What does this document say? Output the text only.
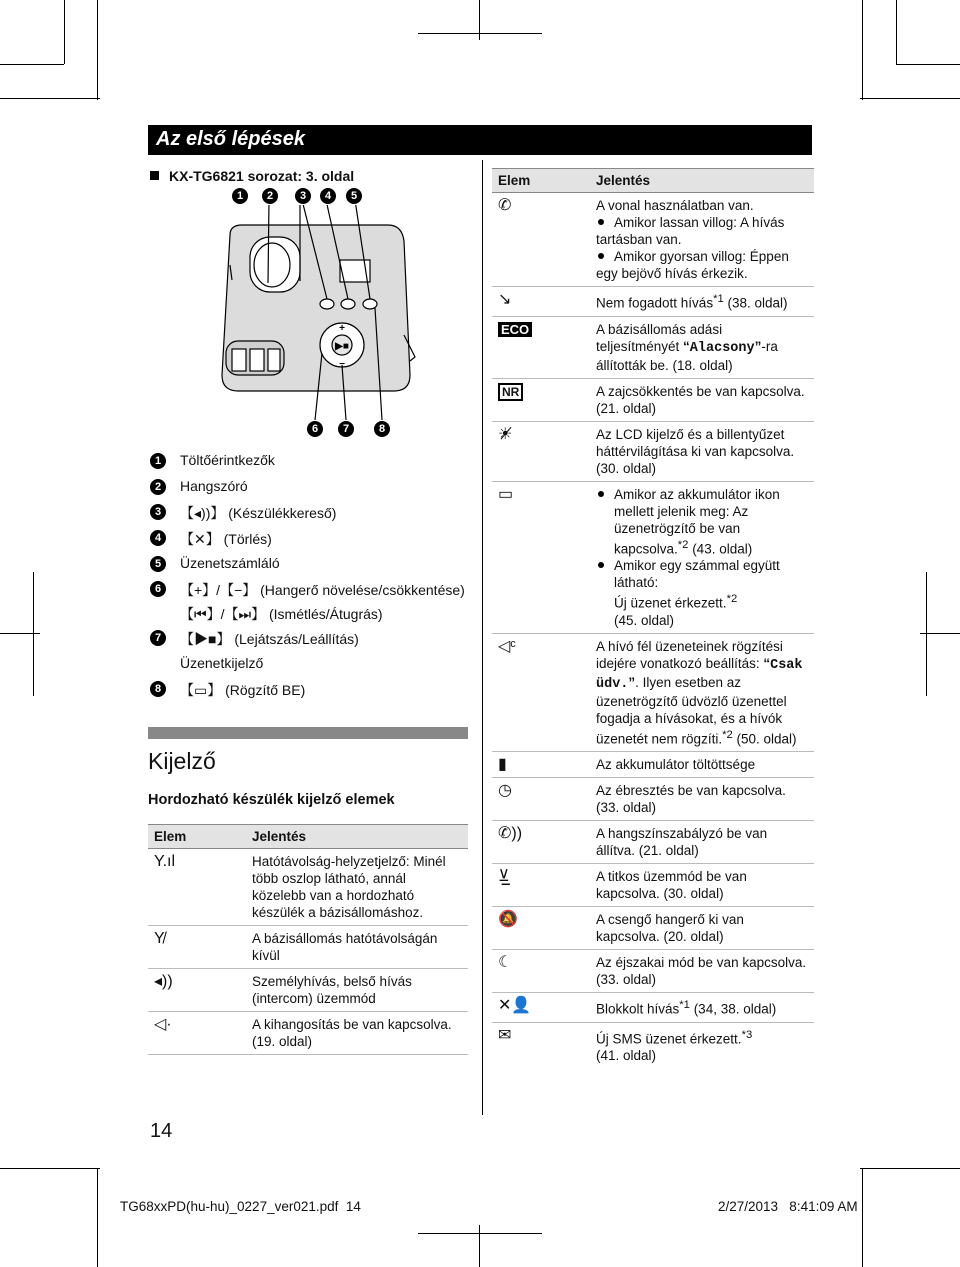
Az első lépések
KX-TG6821 sorozat: 3. oldal
1	2	3	4	5
+
−
▶■
6	7	8
1	Töltőérintkezők
2	Hangszóró
3	【◂))】 (Készülékkereső)
4	【✕】 (Törlés)
5	Üzenetszámláló
6	【+】/【−】 (Hangerő növelése/csökkentése)
【⏮】/【⏭】 (Ismétlés/Átugrás)
7	【▶■】 (Lejátszás/Leállítás)
Üzenetkijelző
8	【▭】 (Rögzítő BE)
Kijelző
Hordozható készülék kijelző elemek
Elem	Jelentés
Y.ıl	Hatótávolság-helyzetjelző: Minél több oszlop látható, annál közelebb van a hordozható készülék a bázisállomáshoz.
Y̸	A bázisállomás hatótávolságán kívül
◂))	Személyhívás, belső hívás (intercom) üzemmód
◁·	A kihangosítás be van kapcsolva. (19. oldal)
Elem	Jelentés
✆	A vonal használatban van.
Amikor lassan villog: A hívás tartásban van.
Amikor gyorsan villog: Éppen egy bejövő hívás érkezik.
↘	Nem fogadott hívás$^{*1}$ (38. oldal)
ECO	A bázisállomás adási teljesítményét “Alacsony”-ra állították be. (18. oldal)
NR	A zajcsökkentés be van kapcsolva. (21. oldal)
☀̸	Az LCD kijelző és a billentyűzet háttérvilágítása ki van kapcsolva. (30. oldal)
▭	Amikor az akkumulátor ikon mellett jelenik meg: Az üzenetrögzítő be van kapcsolva.$^{*2}$ (43. oldal)
Amikor egy számmal együtt látható:
Új üzenet érkezett.$^{*2}$
(45. oldal)

◁ᶜ	A hívó fél üzeneteinek rögzítési idejére vonatkozó beállítás: “Csak üdv.”. Ilyen esetben az üzenetrögzítő üdvözlő üzenettel fogadja a hívásokat, és a hívók üzenetét nem rögzíti.$^{*2}$ (50. oldal)
▮	Az akkumulátor töltöttsége
◷	Az ébresztés be van kapcsolva. (33. oldal)
✆))	A hangszínszabályzó be van állítva. (21. oldal)
⊻̲	A titkos üzemmód be van kapcsolva. (30. oldal)
🔕	A csengő hangerő ki van kapcsolva. (20. oldal)
☾	Az éjszakai mód be van kapcsolva. (33. oldal)
✕👤	Blokkolt hívás$^{*1}$ (34, 38. oldal)
✉	Új SMS üzenet érkezett.$^{*3}$
(41. oldal)
14
TG68xxPD(hu-hu)_0227_ver021.pdf 14	2/27/2013   8:41:09 AM
